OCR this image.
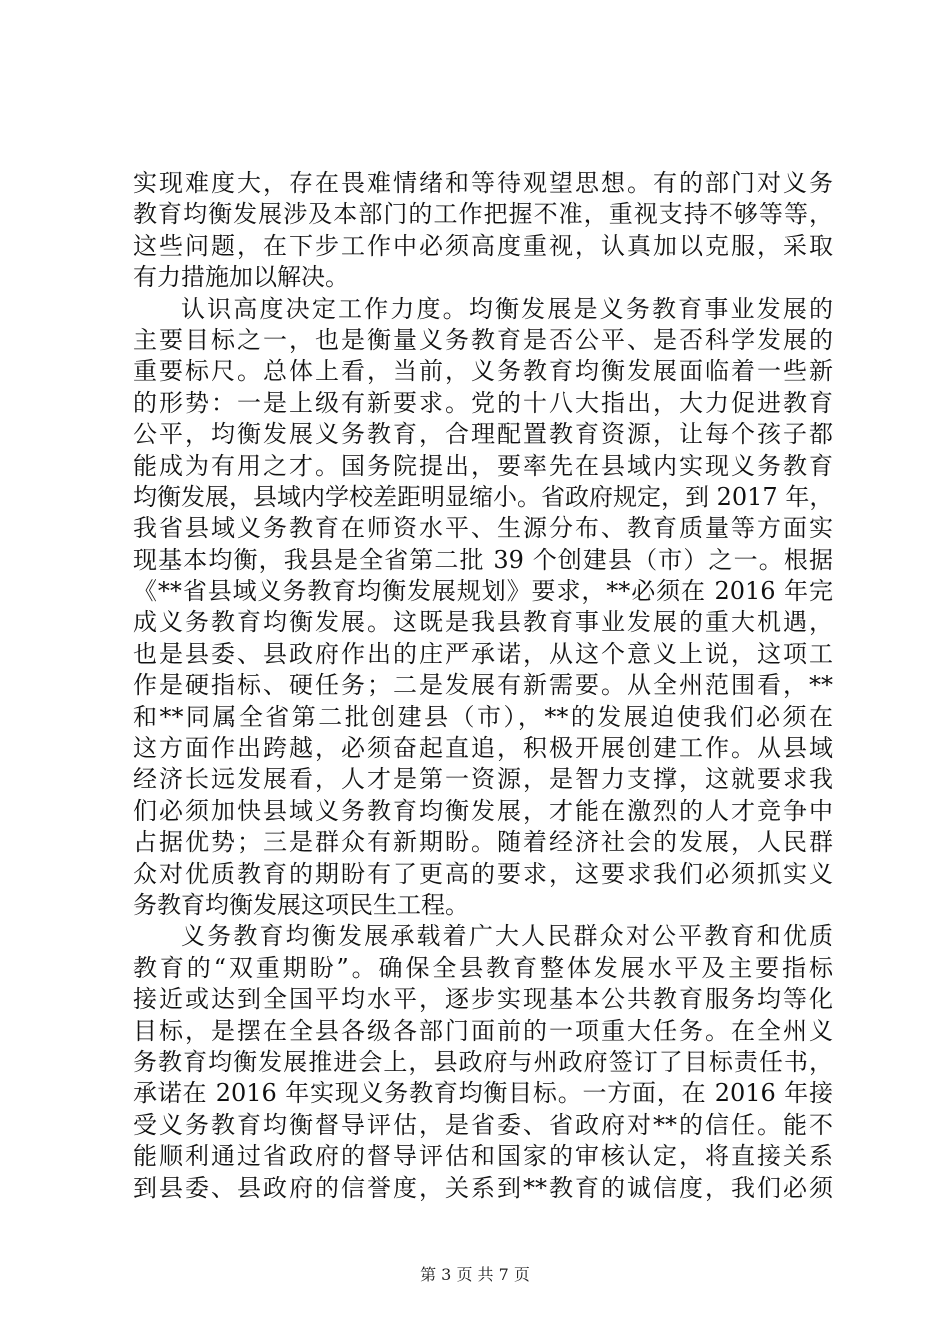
实现难度大，存在畏难情绪和等待观望思想。有的部门对义务
教育均衡发展涉及本部门的工作把握不准，重视支持不够等等，
这些问题，在下步工作中必须高度重视，认真加以克服，采取
有力措施加以解决。
认识高度决定工作力度。均衡发展是义务教育事业发展的
主要目标之一，也是衡量义务教育是否公平、是否科学发展的
重要标尺。总体上看，当前，义务教育均衡发展面临着一些新
的形势：一是上级有新要求。党的十八大指出，大力促进教育
公平，均衡发展义务教育，合理配置教育资源，让每个孩子都
能成为有用之才。国务院提出，要率先在县域内实现义务教育
均衡发展，县域内学校差距明显缩小。省政府规定，到 2017 年，
我省县域义务教育在师资水平、生源分布、教育质量等方面实
现基本均衡，我县是全省第二批 39 个创建县（市）之一。根据
《**省县域义务教育均衡发展规划》要求，**必须在 2016 年完
成义务教育均衡发展。这既是我县教育事业发展的重大机遇，
也是县委、县政府作出的庄严承诺，从这个意义上说，这项工
作是硬指标、硬任务；二是发展有新需要。从全州范围看，**
和**同属全省第二批创建县（市），**的发展迫使我们必须在
这方面作出跨越，必须奋起直追，积极开展创建工作。从县域
经济长远发展看，人才是第一资源，是智力支撑，这就要求我
们必须加快县域义务教育均衡发展，才能在激烈的人才竞争中
占据优势；三是群众有新期盼。随着经济社会的发展，人民群
众对优质教育的期盼有了更高的要求，这要求我们必须抓实义
务教育均衡发展这项民生工程。
义务教育均衡发展承载着广大人民群众对公平教育和优质
教育的“双重期盼”。确保全县教育整体发展水平及主要指标
接近或达到全国平均水平，逐步实现基本公共教育服务均等化
目标，是摆在全县各级各部门面前的一项重大任务。在全州义
务教育均衡发展推进会上，县政府与州政府签订了目标责任书，
承诺在 2016 年实现义务教育均衡目标。一方面，在 2016 年接
受义务教育均衡督导评估，是省委、省政府对**的信任。能不
能顺利通过省政府的督导评估和国家的审核认定，将直接关系
到县委、县政府的信誉度，关系到**教育的诚信度，我们必须
第 3 页 共 7 页
